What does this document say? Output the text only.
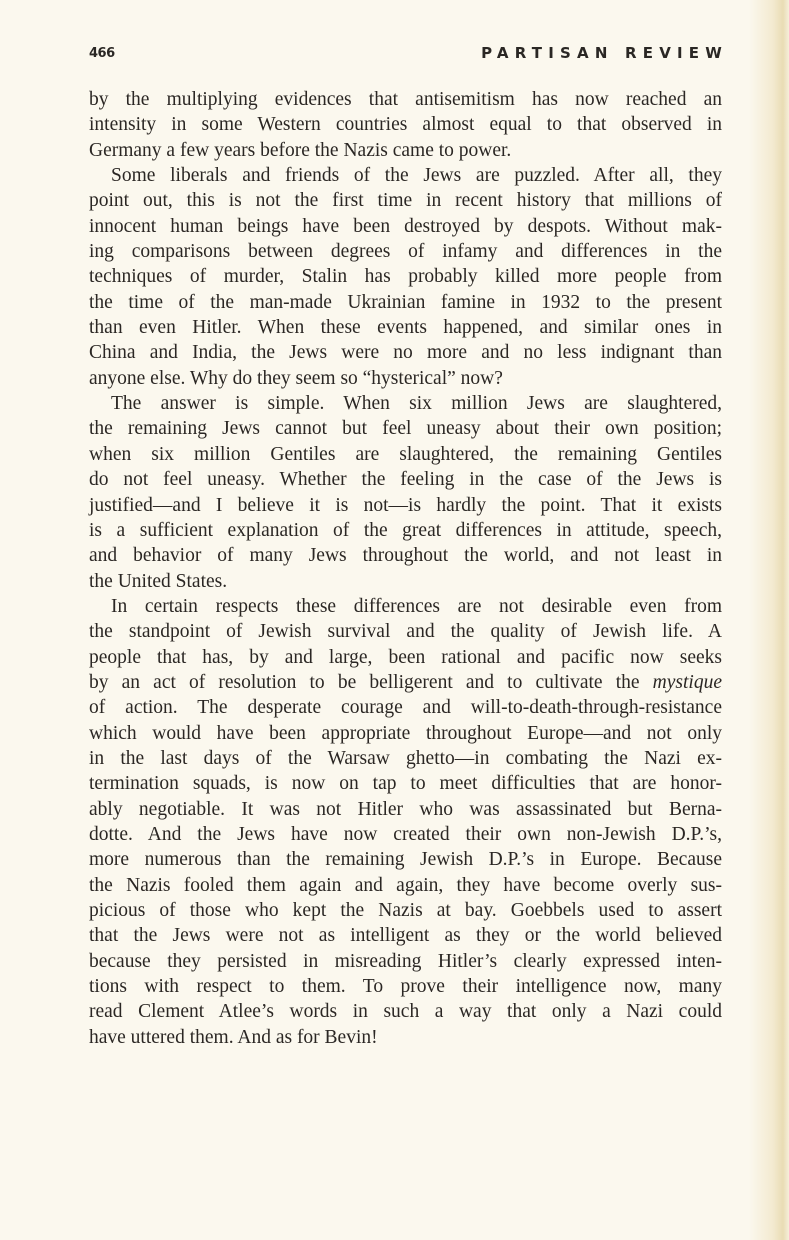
466	PARTISAN REVIEW
by the multiplying evidences that antisemitism has now reached an
intensity in some Western countries almost equal to that observed in
Germany a few years before the Nazis came to power.
Some liberals and friends of the Jews are puzzled. After all, they
point out, this is not the first time in recent history that millions of
innocent human beings have been destroyed by despots. Without mak-
ing comparisons between degrees of infamy and differences in the
techniques of murder, Stalin has probably killed more people from
the time of the man-made Ukrainian famine in 1932 to the present
than even Hitler. When these events happened, and similar ones in
China and India, the Jews were no more and no less indignant than
anyone else. Why do they seem so “hysterical” now?
The answer is simple. When six million Jews are slaughtered,
the remaining Jews cannot but feel uneasy about their own position;
when six million Gentiles are slaughtered, the remaining Gentiles
do not feel uneasy. Whether the feeling in the case of the Jews is
justified—and I believe it is not—is hardly the point. That it exists
is a sufficient explanation of the great differences in attitude, speech,
and behavior of many Jews throughout the world, and not least in
the United States.
In certain respects these differences are not desirable even from
the standpoint of Jewish survival and the quality of Jewish life. A
people that has, by and large, been rational and pacific now seeks
by an act of resolution to be belligerent and to cultivate the mystique
of action. The desperate courage and will-to-death-through-resistance
which would have been appropriate throughout Europe—and not only
in the last days of the Warsaw ghetto—in combating the Nazi ex-
termination squads, is now on tap to meet difficulties that are honor-
ably negotiable. It was not Hitler who was assassinated but Berna-
dotte. And the Jews have now created their own non-Jewish D.P.’s,
more numerous than the remaining Jewish D.P.’s in Europe. Because
the Nazis fooled them again and again, they have become overly sus-
picious of those who kept the Nazis at bay. Goebbels used to assert
that the Jews were not as intelligent as they or the world believed
because they persisted in misreading Hitler’s clearly expressed inten-
tions with respect to them. To prove their intelligence now, many
read Clement Atlee’s words in such a way that only a Nazi could
have uttered them. And as for Bevin!
